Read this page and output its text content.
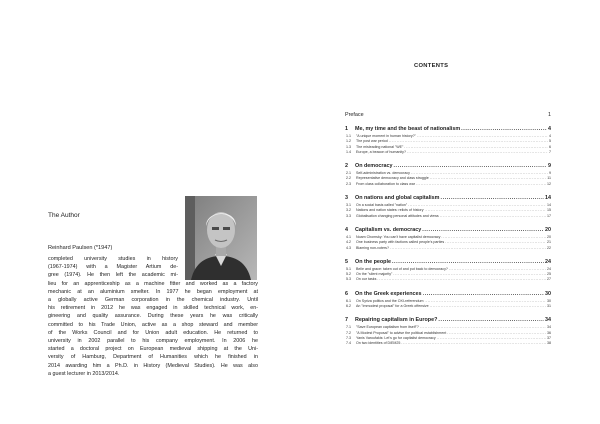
The Author
Reinhard Paulsen (*1947)
completed university studies in history
(1967-1974) with a Magister Artium de-
gree (1974). He then left the academic mi-
lieu for an apprenticeship as a machine fitter and worked as a factory
mechanic at an aluminium smelter. In 1977 he began employment at
a globally active German corporation in the chemical industry. Until
his retirement in 2012 he was engaged in skilled technical work, en-
gineering and quality assurance. During these years he was critically
committed to his Trade Union, active as a shop steward and member
of the Works Council and for Union adult education. He returned to
university in 2002 parallel to his company employment. In 2006 he
started a doctoral project on European medieval shipping at the Uni-
versity of Hamburg, Department of Humanities which he finished in
2014 awarding him a Ph.D. in History (Medieval Studies). He was also
a guest lecturer in 2013/2014.
CONTENTS
Preface	1
1	Me, my time and the beast of nationalism .....	4
1.1	"A unique moment in human history?" .....	4
1.2	The post war period .....	5
1.3	The misleading national "WE" .....	6
1.4	Europe, a beacon of humanity? .....	7
2	On democracy .....	9
2.1	Self-administration vs. democracy .....	9
2.2	Representative democracy and class struggle .....	11
2.3	From class collaboration to class war .....	12
3	On nations and global capitalism .....	14
3.1	On a social basis called "nation" .....	14
3.2	Nations and nation states: relicts of history .....	15
3.3	Globalisation changing personal attitudes and views .....	17
4	Capitalism vs. democracy .....	20
4.1	Noam Chomsky: You can't have capitalist democracy .....	20
4.2	One business party with factions called people's parties .....	21
4.3	Blaming non-voters? .....	22
5	On the people .....	24
5.1	Belle and grace: taken out of and put back to democracy? .....	24
5.2	On the "silent majority" .....	25
5.3	On our tasks .....	27
6	On the Greek experiences .....	30
6.1	On Syriza politics and the OXI-referendum .....	30
6.2	An "immodest proposal" for a Greek offensive .....	31
7	Repairing capitalism in Europe? .....	34
7.1	"Save European capitalism from itself"? .....	34
7.2	"A Modest Proposal" to advise the political establishment .....	36
7.3	Yanis Varoufakis: Let's go for capitalist democracy .....	37
7.4	On two identities of DiEM25 .....	38
